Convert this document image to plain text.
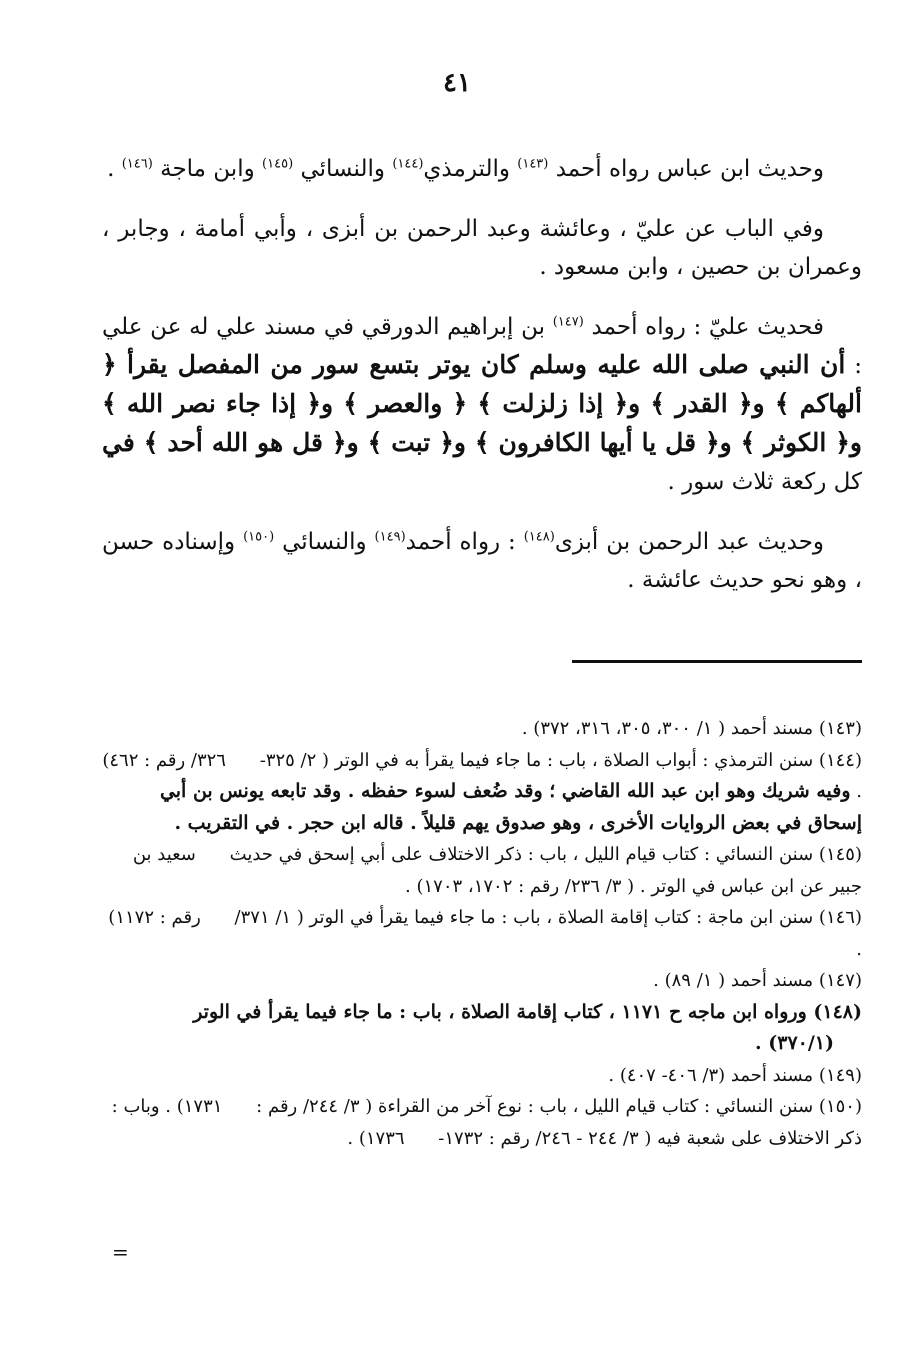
٤١
وحديث ابن عباس رواه أحمد $^{(١٤٣)}$ والترمذي$^{(١٤٤)}$ والنسائي $^{(١٤٥)}$ وابن ماجة $^{(١٤٦)}$ .
وفي الباب عن عليّ ، وعائشة وعبد الرحمن بن أبزى ، وأبي أمامة ، وجابر ، وعمران بن حصين ، وابن مسعود .
فحديث عليّ : رواه أحمد $^{(١٤٧)}$ بن إبراهيم الدورقي في مسند علي له عن علي : أن النبي صلى الله عليه وسلم كان يوتر بتسع سور من المفصل يقرأ ﴿ ألهاكم ﴾ و﴿ القدر ﴾ و﴿ إذا زلزلت ﴾ ﴿ والعصر ﴾ و﴿ إذا جاء نصر الله ﴾ و﴿ الكوثر ﴾ و﴿ قل يا أيها الكافرون ﴾ و﴿ تبت ﴾ و﴿ قل هو الله أحد ﴾ في كل ركعة ثلاث سور .
وحديث عبد الرحمن بن أبزى$^{(١٤٨)}$ : رواه أحمد$^{(١٤٩)}$ والنسائي $^{(١٥٠)}$ وإسناده حسن ، وهو نحو حديث عائشة .

(١٤٣) مسند أحمد ( ١/ ٣٠٠، ٣٠٥، ٣١٦، ٣٧٢) .

(١٤٤) سنن الترمذي : أبواب الصلاة ، باب : ما جاء فيما يقرأ به في الوتر ( ٢/ ٣٢٥- ٣٢٦/ رقم : ٤٦٢) . وفيه شريك وهو ابن عبد الله القاضي ؛ وقد ضُعف لسوء حفظه . وقد تابعه يونس بن أبي إسحاق في بعض الروايات الأخرى ، وهو صدوق يهم قليلاً . قاله ابن حجر . في التقريب .

(١٤٥) سنن النسائي : كتاب قيام الليل ، باب : ذكر الاختلاف على أبي إسحق في حديث سعيد بن جبير عن ابن عباس في الوتر . ( ٣/ ٢٣٦/ رقم : ١٧٠٢، ١٧٠٣) .

(١٤٦) سنن ابن ماجة : كتاب إقامة الصلاة ، باب : ما جاء فيما يقرأ في الوتر ( ١/ ٣٧١/ رقم : ١١٧٢) .

(١٤٧) مسند أحمد ( ١/ ٨٩) .

(١٤٨) ورواه ابن ماجه ح ١١٧١ ، كتاب إقامة الصلاة ، باب : ما جاء فيما يقرأ في الوتر (٣٧٠/١) .

(١٤٩) مسند أحمد (٣/ ٤٠٦- ٤٠٧) .

(١٥٠) سنن النسائي : كتاب قيام الليل ، باب : نوع آخر من القراءة ( ٣/ ٢٤٤/ رقم : ١٧٣١) . وباب : ذكر الاختلاف على شعبة فيه ( ٣/ ٢٤٤ - ٢٤٦/ رقم : ١٧٣٢- ١٧٣٦) .

=
